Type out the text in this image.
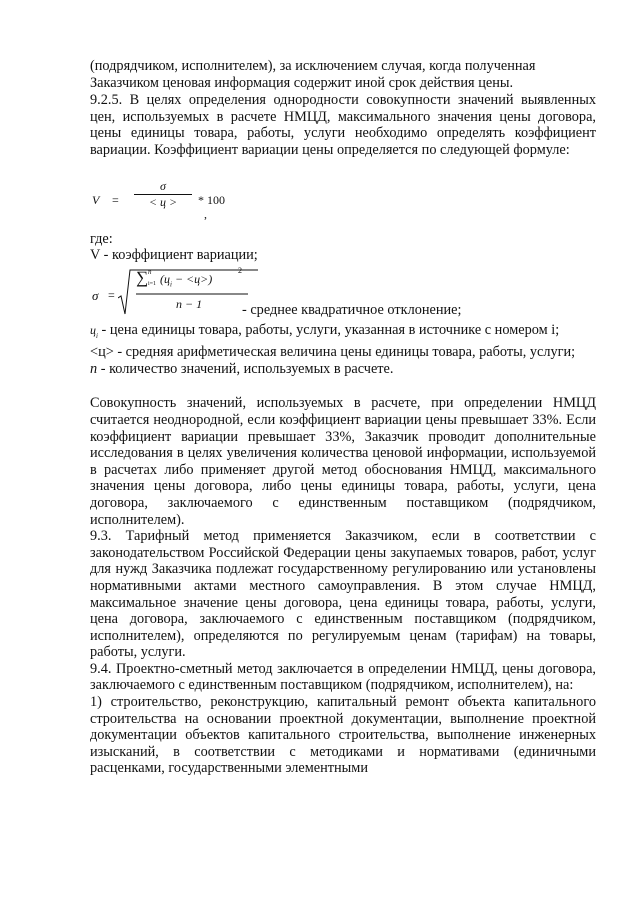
(подрядчиком, исполнителем), за исключением случая, когда полученная Заказчиком ценовая информация содержит иной срок действия цены.

9.2.5. В целях определения однородности совокупности значений выявленных цен, используемых в расчете НМЦД, максимального значения цены договора, цены единицы товара, работы, услуги необходимо определять коэффициент вариации. Коэффициент вариации цены определяется по следующей формуле:

V =
σ
< ц >	* 100
,

где:

V - коэффициент вариации;

σ =
∑ n
i=1 $(ц_i - <ц>)$
2
n − 1	- среднее квадратичное отклонение;

$ц_i$ - цена единицы товара, работы, услуги, указанная в источнике с номером i;

<ц> - средняя арифметическая величина цены единицы товара, работы, услуги;

n - количество значений, используемых в расчете.

Совокупность значений, используемых в расчете, при определении НМЦД считается неоднородной, если коэффициент вариации цены превышает 33%. Если коэффициент вариации превышает 33%, Заказчик проводит дополнительные исследования в целях увеличения количества ценовой информации, используемой в расчетах либо применяет другой метод обоснования НМЦД, максимального значения цены договора, либо цены единицы товара, работы, услуги, цена договора, заключаемого с единственным поставщиком (подрядчиком, исполнителем).

9.3. Тарифный метод применяется Заказчиком, если в соответствии с законодательством Российской Федерации цены закупаемых товаров, работ, услуг для нужд Заказчика подлежат государственному регулированию или установлены нормативными актами местного самоуправления. В этом случае НМЦД, максимальное значение цены договора, цена единицы товара, работы, услуги, цена договора, заключаемого с единственным поставщиком (подрядчиком, исполнителем), определяются по регулируемым ценам (тарифам) на товары, работы, услуги.

9.4. Проектно-сметный метод заключается в определении НМЦД, цены договора, заключаемого с единственным поставщиком (подрядчиком, исполнителем), на:

1) строительство, реконструкцию, капитальный ремонт объекта капитального строительства на основании проектной документации, выполнение проектной документации объектов капитального строительства, выполнение инженерных изысканий, в соответствии с методиками и нормативами (единичными расценками, государственными элементными
